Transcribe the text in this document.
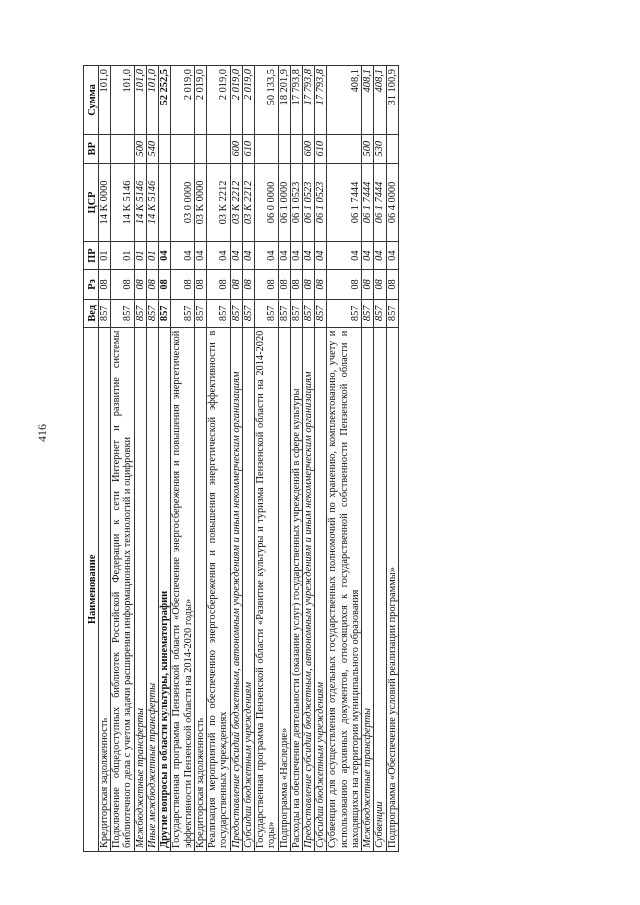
416
Наименование	Вед	Рз	ПР	ЦСР	ВР	Сумма
Кредиторская задолженность	857	08	01	14 K 0000		101,0
Подключение общедоступных библиотек Российской Федерации к сети Интернет и развитие системы библиотечного дела с учетом задачи расширения информационных технологий и оцифровки	857	08	01	14 K 5146		101,0
Межбюджетные трансферты	857	08	01	14 K 5146	500	101,0
Иные межбюджетные трансферты	857	08	01	14 K 5146	540	101,0
Другие вопросы в области культуры, кинематографии	857	08	04			52 252,5
Государственная программа Пензенской области «Обеспечение энергосбережения и повышения энергетической эффективности Пензенской области на 2014-2020 годы»	857	08	04	03 0 0000		2 019,0
Кредиторская задолженность	857	08	04	03 K 0000		2 019,0
Реализация мероприятий по обеспечению энергосбережения и повышения энергетической эффективности в государственных учреждениях	857	08	04	03 K 2212		2 019,0
Предоставление субсидий бюджетным, автономным учреждениям и иным некоммерческим организациям	857	08	04	03 K 2212	600	2 019,0
Субсидии бюджетным учреждениям	857	08	04	03 K 2212	610	2 019,0
Государственная программа Пензенской области «Развитие культуры и туризма Пензенской области на 2014-2020 годы»	857	08	04	06 0 0000		50 133,5
Подпрограмма «Наследие»	857	08	04	06 1 0000		18 201,9
Расходы на обеспечение деятельности (оказание услуг) государственных учреждений в сфере культуры	857	08	04	06 1 0523		17 793,8
Предоставление субсидий бюджетным, автономным учреждениям и иным некоммерческим организациям	857	08	04	06 1 0523	600	17 793,8
Субсидии бюджетным учреждениям	857	08	04	06 1 0523	610	17 793,8
Субвенции для осуществления отдельных государственных полномочий по хранению, комплектованию, учету и использованию архивных документов, относящихся к государственной собственности Пензенской области и находящихся на территории муниципального образования	857	08	04	06 1 7444		408,1
Межбюджетные трансферты	857	08	04	06 1 7444	500	408,1
Субвенции	857	08	04	06 1 7444	530	408,1
Подпрограмма «Обеспечение условий реализации программы»	857	08	04	06 4 0000		31 100,9
